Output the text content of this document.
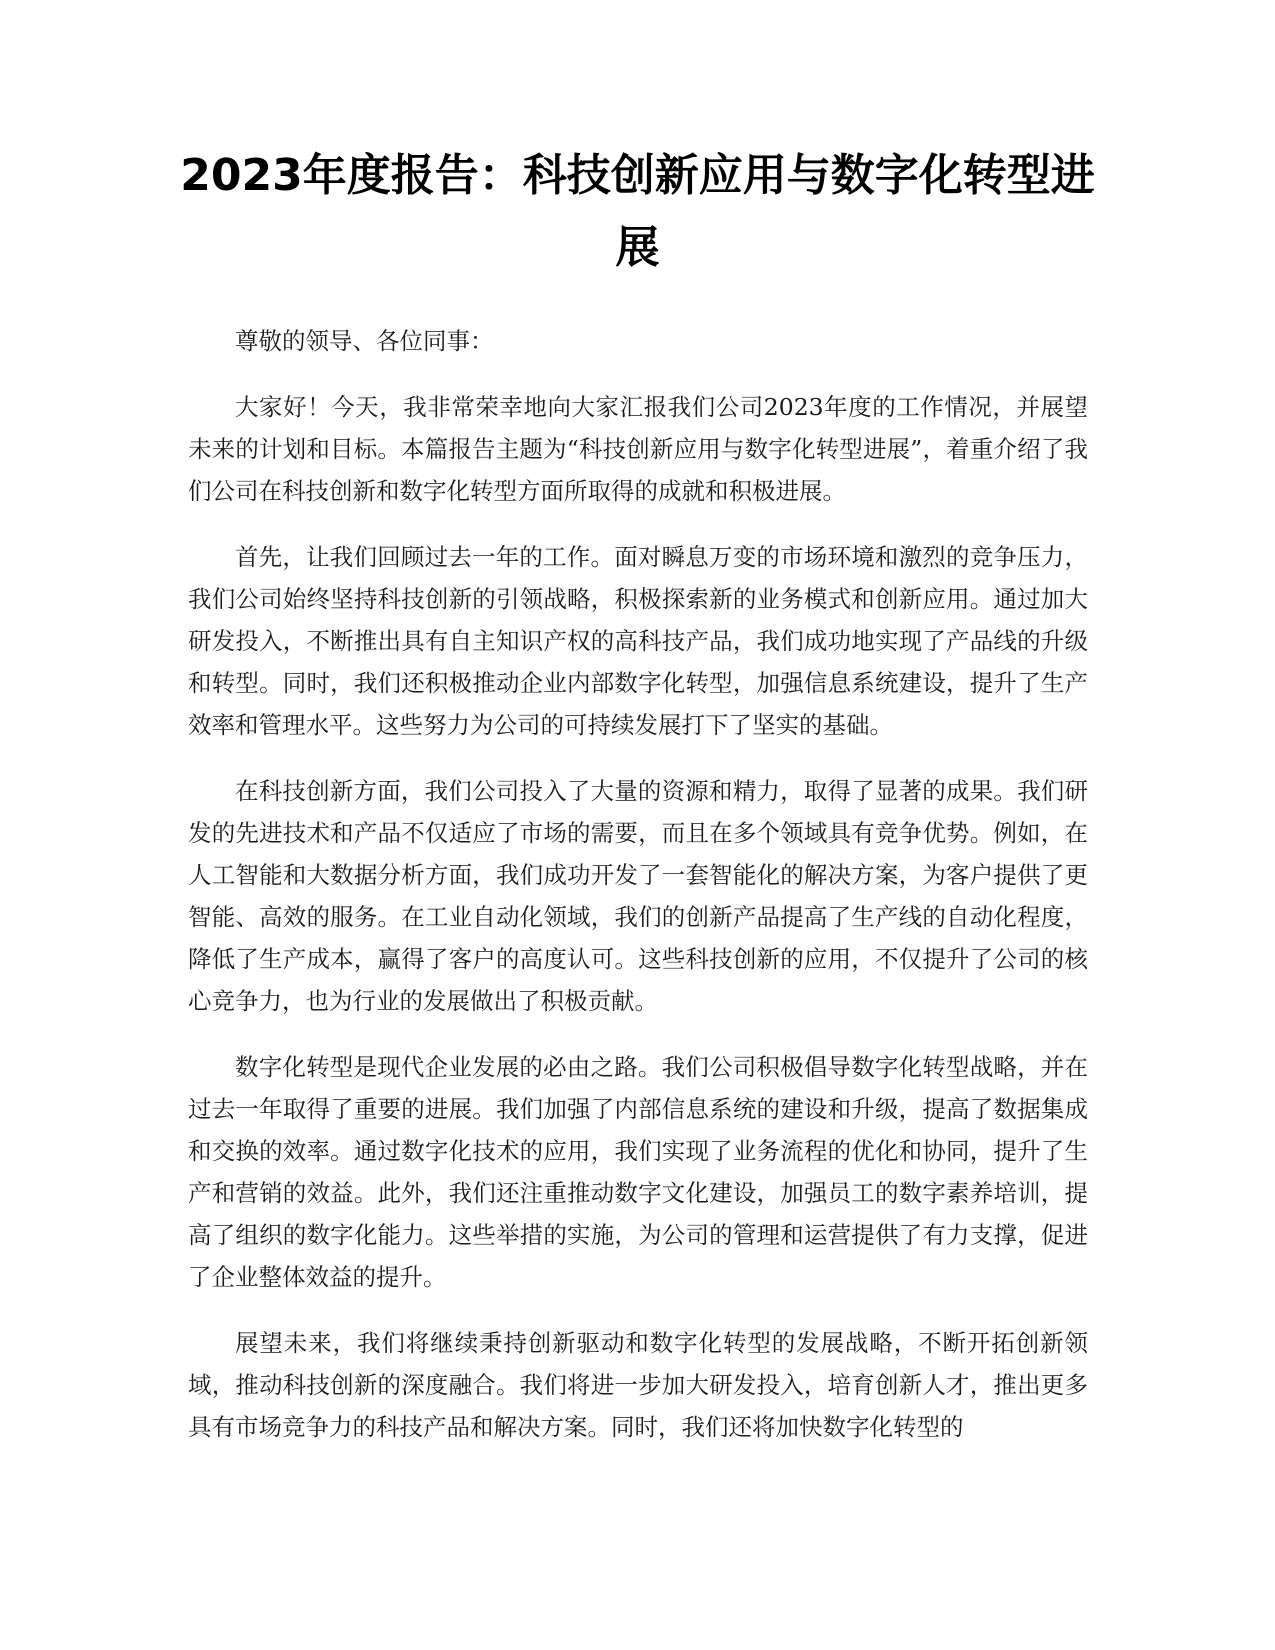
2023年度报告：科技创新应用与数字化转型进展

尊敬的领导、各位同事：

大家好！今天，我非常荣幸地向大家汇报我们公司2023年度的工作情况，并展望未来的计划和目标。本篇报告主题为“科技创新应用与数字化转型进展”，着重介绍了我们公司在科技创新和数字化转型方面所取得的成就和积极进展。

首先，让我们回顾过去一年的工作。面对瞬息万变的市场环境和激烈的竞争压力，我们公司始终坚持科技创新的引领战略，积极探索新的业务模式和创新应用。通过加大研发投入，不断推出具有自主知识产权的高科技产品，我们成功地实现了产品线的升级和转型。同时，我们还积极推动企业内部数字化转型，加强信息系统建设，提升了生产效率和管理水平。这些努力为公司的可持续发展打下了坚实的基础。

在科技创新方面，我们公司投入了大量的资源和精力，取得了显著的成果。我们研发的先进技术和产品不仅适应了市场的需要，而且在多个领域具有竞争优势。例如，在人工智能和大数据分析方面，我们成功开发了一套智能化的解决方案，为客户提供了更智能、高效的服务。在工业自动化领域，我们的创新产品提高了生产线的自动化程度，降低了生产成本，赢得了客户的高度认可。这些科技创新的应用，不仅提升了公司的核心竞争力，也为行业的发展做出了积极贡献。

数字化转型是现代企业发展的必由之路。我们公司积极倡导数字化转型战略，并在过去一年取得了重要的进展。我们加强了内部信息系统的建设和升级，提高了数据集成和交换的效率。通过数字化技术的应用，我们实现了业务流程的优化和协同，提升了生产和营销的效益。此外，我们还注重推动数字文化建设，加强员工的数字素养培训，提高了组织的数字化能力。这些举措的实施，为公司的管理和运营提供了有力支撑，促进了企业整体效益的提升。

展望未来，我们将继续秉持创新驱动和数字化转型的发展战略，不断开拓创新领域，推动科技创新的深度融合。我们将进一步加大研发投入，培育创新人才，推出更多具有市场竞争力的科技产品和解决方案。同时，我们还将加快数字化转型的
